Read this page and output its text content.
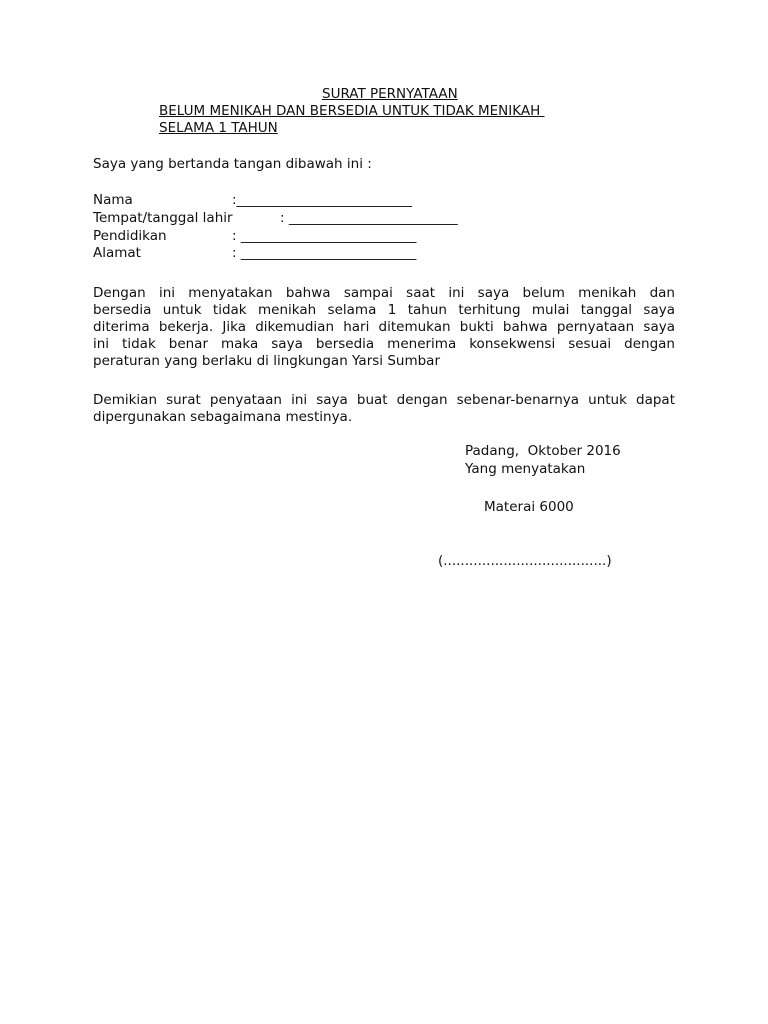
SURAT PERNYATAAN
BELUM MENIKAH DAN BERSEDIA UNTUK TIDAK MENIKAH
SELAMA 1 TAHUN
Saya yang bertanda tangan dibawah ini :
Nama	:__________________________
Tempat/tanggal lahir	: _________________________
Pendidikan	: __________________________
Alamat	: __________________________
Dengan ini menyatakan bahwa sampai saat ini saya belum menikah dan
bersedia untuk tidak menikah selama 1 tahun terhitung mulai tanggal saya
diterima bekerja. Jika dikemudian hari ditemukan bukti bahwa pernyataan saya
ini tidak benar maka saya bersedia menerima konsekwensi sesuai dengan
peraturan yang berlaku di lingkungan Yarsi Sumbar
Demikian surat penyataan ini saya buat dengan sebenar-benarnya untuk dapat
dipergunakan sebagaimana mestinya.
Padang,  Oktober 2016
Yang menyatakan
Materai 6000
(......................................)
